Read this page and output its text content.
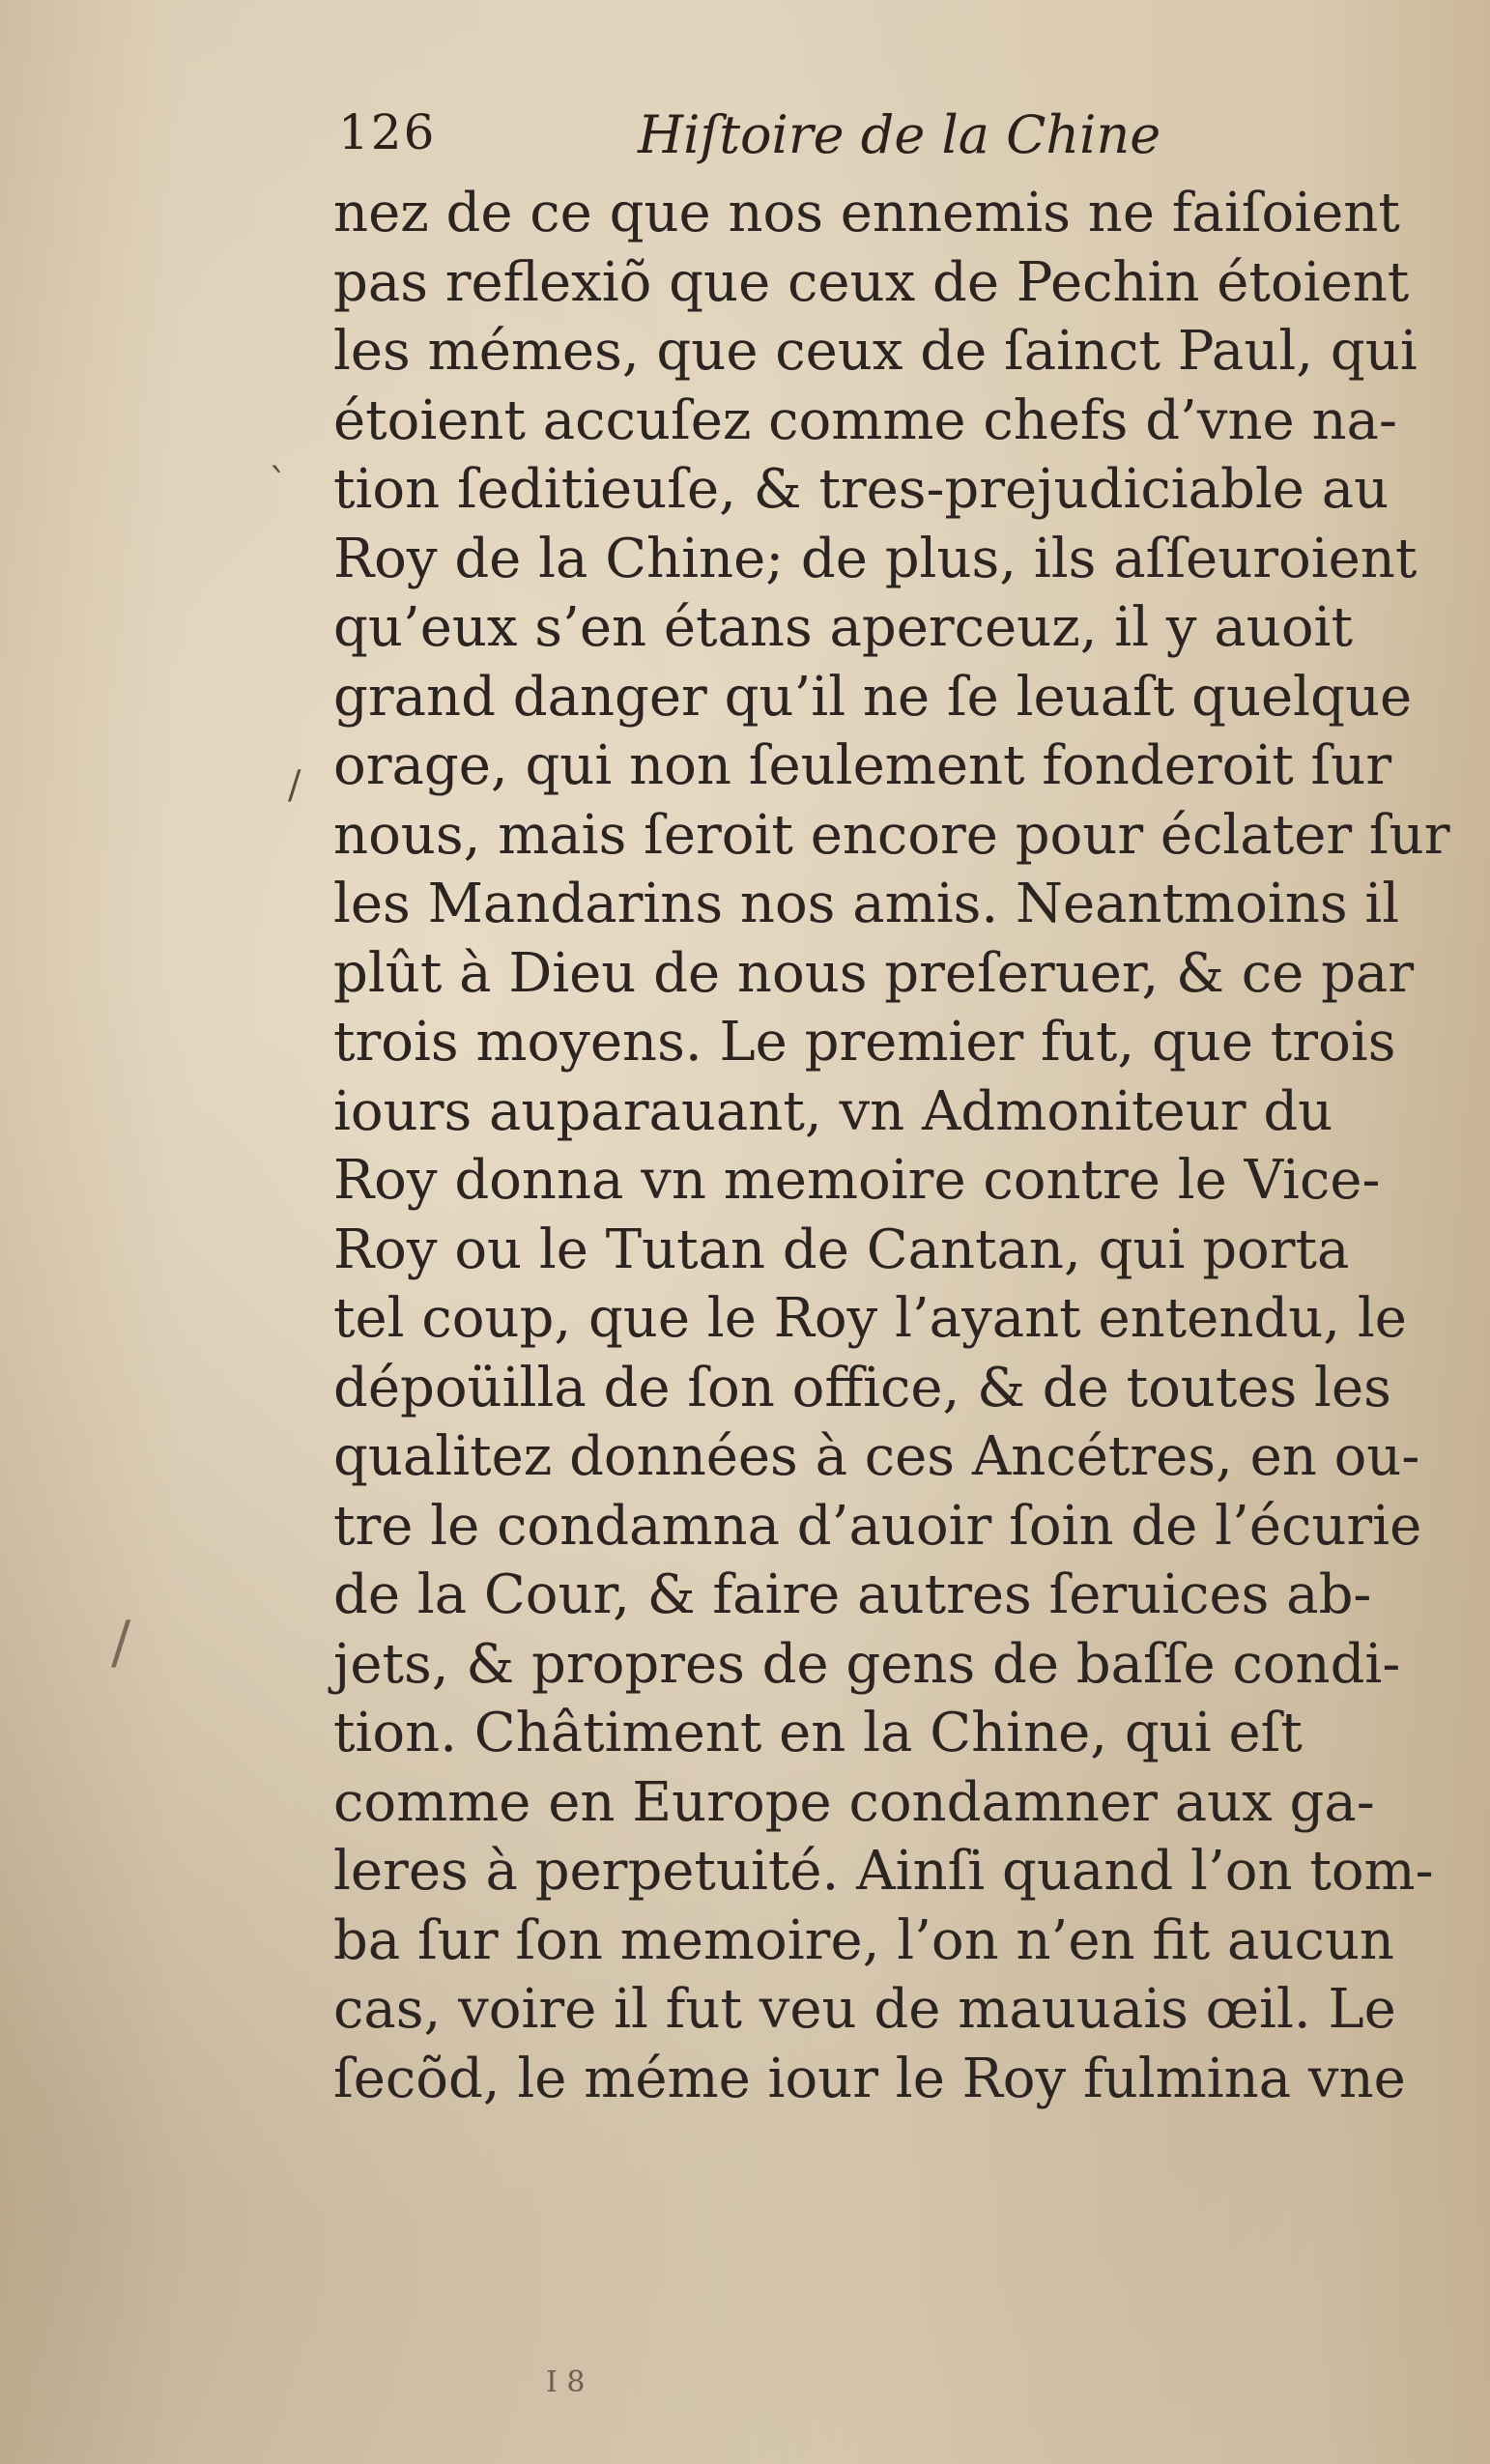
126	Hiſtoire de la Chine
nez de ce que nos ennemis ne faiſoient
pas reflexiõ que ceux de Pechin étoient
les mémes, que ceux de ſainct Paul, qui
étoient accuſez comme chefs d’vne na-
tion ſeditieuſe, & tres-prejudiciable au
Roy de la Chine; de plus, ils aſſeuroient
qu’eux s’en étans aperceuz, il y auoit
grand danger qu’il ne ſe leuaſt quelque
orage, qui non ſeulement fonderoit ſur
nous, mais ſeroit encore pour éclater ſur
les Mandarins nos amis. Neantmoins il
plût à Dieu de nous preſeruer, & ce par
trois moyens. Le premier fut, que trois
iours auparauant, vn Admoniteur du
Roy donna vn memoire contre le Vice-
Roy ou le Tutan de Cantan, qui porta
tel coup, que le Roy l’ayant entendu, le
dépoüilla de ſon office, & de toutes les
qualitez données à ces Ancétres, en ou-
tre le condamna d’auoir ſoin de l’écurie
de la Cour, & faire autres ſeruices ab-
jets, & propres de gens de baſſe condi-
tion. Châtiment en la Chine, qui eſt
comme en Europe condamner aux ga-
leres à perpetuité. Ainſi quand l’on tom-
ba ſur ſon memoire, l’on n’en fit aucun
cas, voire il fut veu de mauuais œil. Le
ſecõd, le méme iour le Roy fulmina vne
I 8
ˋ
/
/
